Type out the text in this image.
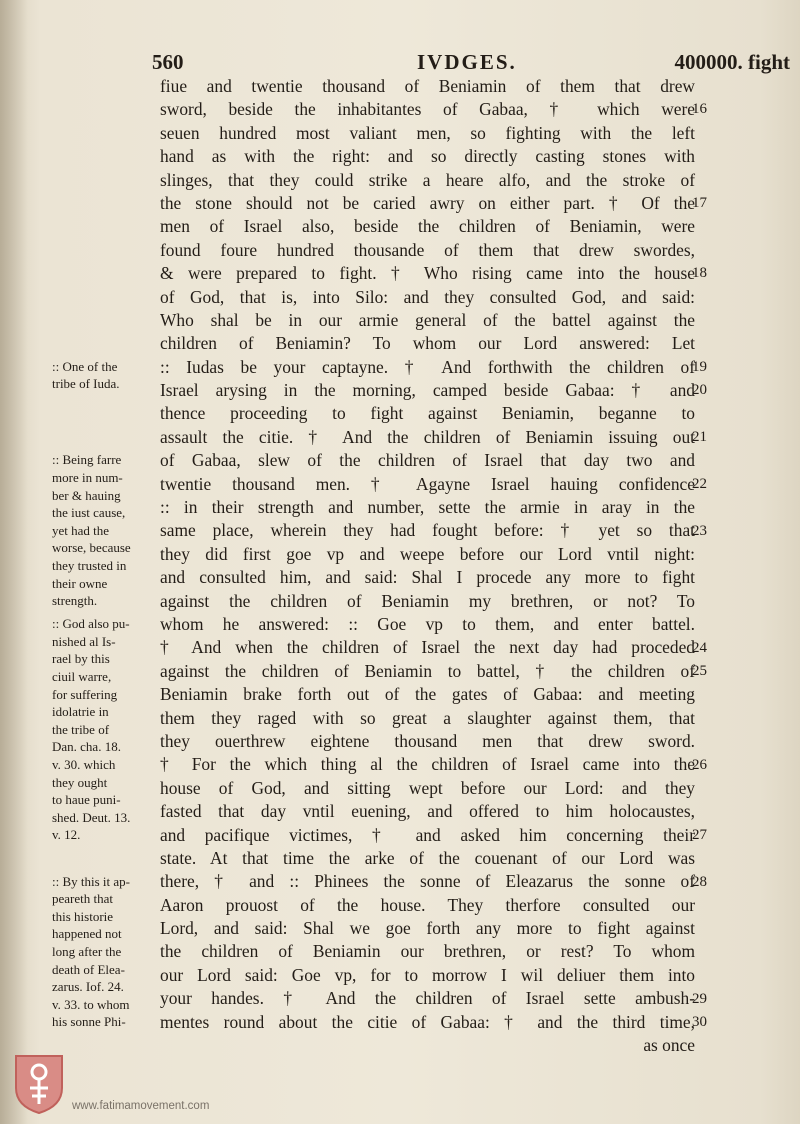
560	IVDGES.	400000. fight
fiue and twentie thousand of Beniamin of them that drew
sword, beside the inhabitantes of Gabaa, † which were
seuen hundred most valiant men, so fighting with the left
hand as with the right: and so directly casting stones with
slinges, that they could strike a heare alfo, and the stroke of
the stone should not be caried awry on either part. † Of the
men of Israel also, beside the children of Beniamin, were
found foure hundred thousande of them that drew swordes,
& were prepared to fight. † Who rising came into the house
of God, that is, into Silo: and they consulted God, and said:
Who shal be in our armie general of the battel against the
children of Beniamin? To whom our Lord answered: Let
:: Iudas be your captayne. † And forthwith the children of
Israel arysing in the morning, camped beside Gabaa: † and
thence proceeding to fight against Beniamin, beganne to
assault the citie. † And the children of Beniamin issuing out
of Gabaa, slew of the children of Israel that day two and
twentie thousand men. † Agayne Israel hauing confidence
:: in their strength and number, sette the armie in aray in the
same place, wherein they had fought before: † yet so that
they did first goe vp and weepe before our Lord vntil night:
and consulted him, and said: Shal I procede any more to fight
against the children of Beniamin my brethren, or not? To
whom he answered: :: Goe vp to them, and enter battel.
† And when the children of Israel the next day had proceded
against the children of Beniamin to battel, † the children of
Beniamin brake forth out of the gates of Gabaa: and meeting
them they raged with so great a slaughter against them, that
they ouerthrew eightene thousand men that drew sword.
† For the which thing al the children of Israel came into the
house of God, and sitting wept before our Lord: and they
fasted that day vntil euening, and offered to him holocaustes,
and pacifique victimes, † and asked him concerning their
state. At that time the arke of the couenant of our Lord was
there, † and :: Phinees the sonne of Eleazarus the sonne of
Aaron prouost of the house. They therfore consulted our
Lord, and said: Shal we goe forth any more to fight against
the children of Beniamin our brethren, or rest? To whom
our Lord said: Goe vp, for to morrow I wil deliuer them into
your handes. † And the children of Israel sette ambush-
mentes round about the citie of Gabaa: † and the third time,
as once
16
17
18
19
20
21
22
23
24
25
26
27
28
29
30
:: One of the
tribe of Iuda.
:: Being farre
more in num-
ber & hauing
the iust cause,
yet had the
worse, because
they trusted in
their owne
strength.
:: God also pu-
nished al Is-
rael by this
ciuil warre,
for suffering
idolatrie in
the tribe of
Dan. cha. 18.
v. 30. which
they ought
to haue puni-
shed. Deut. 13.
v. 12.
:: By this it ap-
peareth that
this historie
happened not
long after the
death of Elea-
zarus. Iof. 24.
v. 33. to whom
his sonne Phi-
www.fatimamovement.com
